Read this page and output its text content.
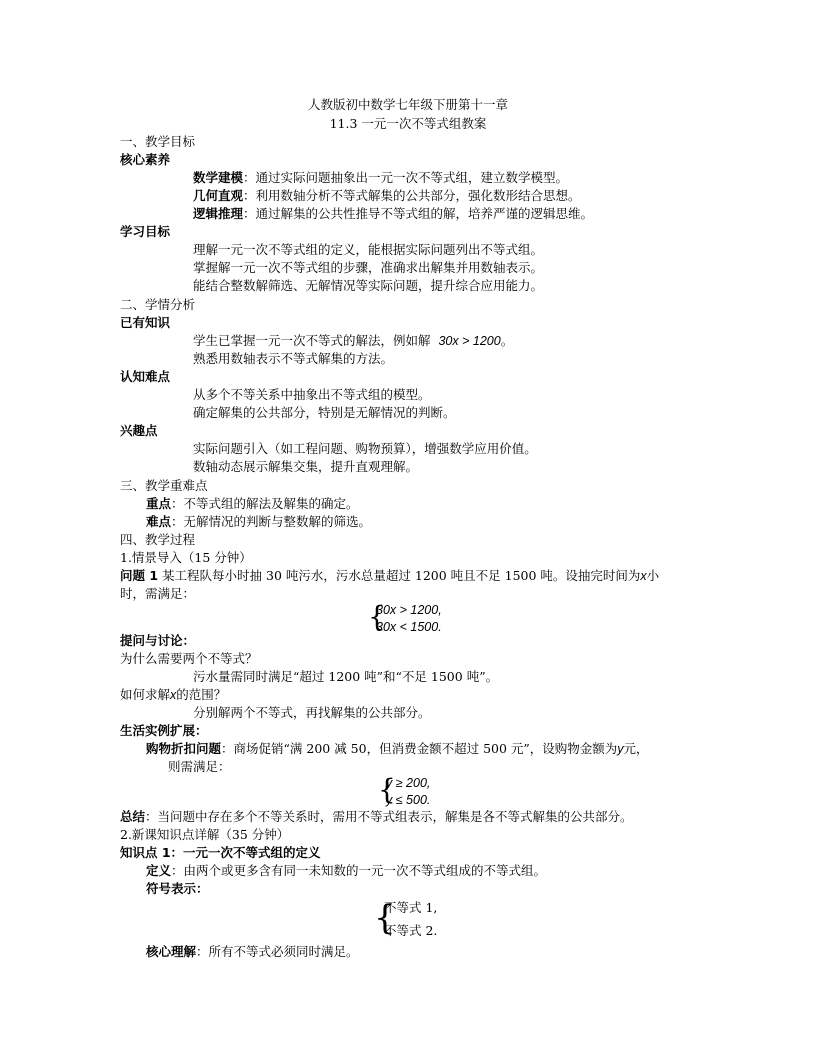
人教版初中数学七年级下册第十一章
11.3 一元一次不等式组教案
一、教学目标
核心素养
数学建模：通过实际问题抽象出一元一次不等式组，建立数学模型。
几何直观：利用数轴分析不等式解集的公共部分，强化数形结合思想。
逻辑推理：通过解集的公共性推导不等式组的解，培养严谨的逻辑思维。
学习目标
理解一元一次不等式组的定义，能根据实际问题列出不等式组。
掌握解一元一次不等式组的步骤，准确求出解集并用数轴表示。
能结合整数解筛选、无解情况等实际问题，提升综合应用能力。
二、学情分析
已有知识
学生已掌握一元一次不等式的解法，例如解 30x > 1200。
熟悉用数轴表示不等式解集的方法。
认知难点
从多个不等关系中抽象出不等式组的模型。
确定解集的公共部分，特别是无解情况的判断。
兴趣点
实际问题引入（如工程问题、购物预算），增强数学应用价值。
数轴动态展示解集交集，提升直观理解。
三、教学重难点
重点：不等式组的解法及解集的确定。
难点：无解情况的判断与整数解的筛选。
四、教学过程
1.情景导入（15 分钟）
问题 1 某工程队每小时抽 30 吨污水，污水总量超过 1200 吨且不足 1500 吨。设抽完时间为x小
时，需满足：
{
30x > 1200,
30x < 1500.
提问与讨论：
为什么需要两个不等式？
污水量需同时满足“超过 1200 吨”和“不足 1500 吨”。
如何求解x的范围？
分别解两个不等式，再找解集的公共部分。
生活实例扩展：
购物折扣问题：商场促销“满 200 减 50，但消费金额不超过 500 元”，设购物金额为y元，
则需满足：
{
y ≥ 200,
y ≤ 500.
总结：当问题中存在多个不等关系时，需用不等式组表示，解集是各不等式解集的公共部分。
2.新课知识点详解（35 分钟）
知识点 1：一元一次不等式组的定义
定义：由两个或更多含有同一未知数的一元一次不等式组成的不等式组。
符号表示：
{
不等式 1,
不等式 2.
核心理解：所有不等式必须同时满足。
